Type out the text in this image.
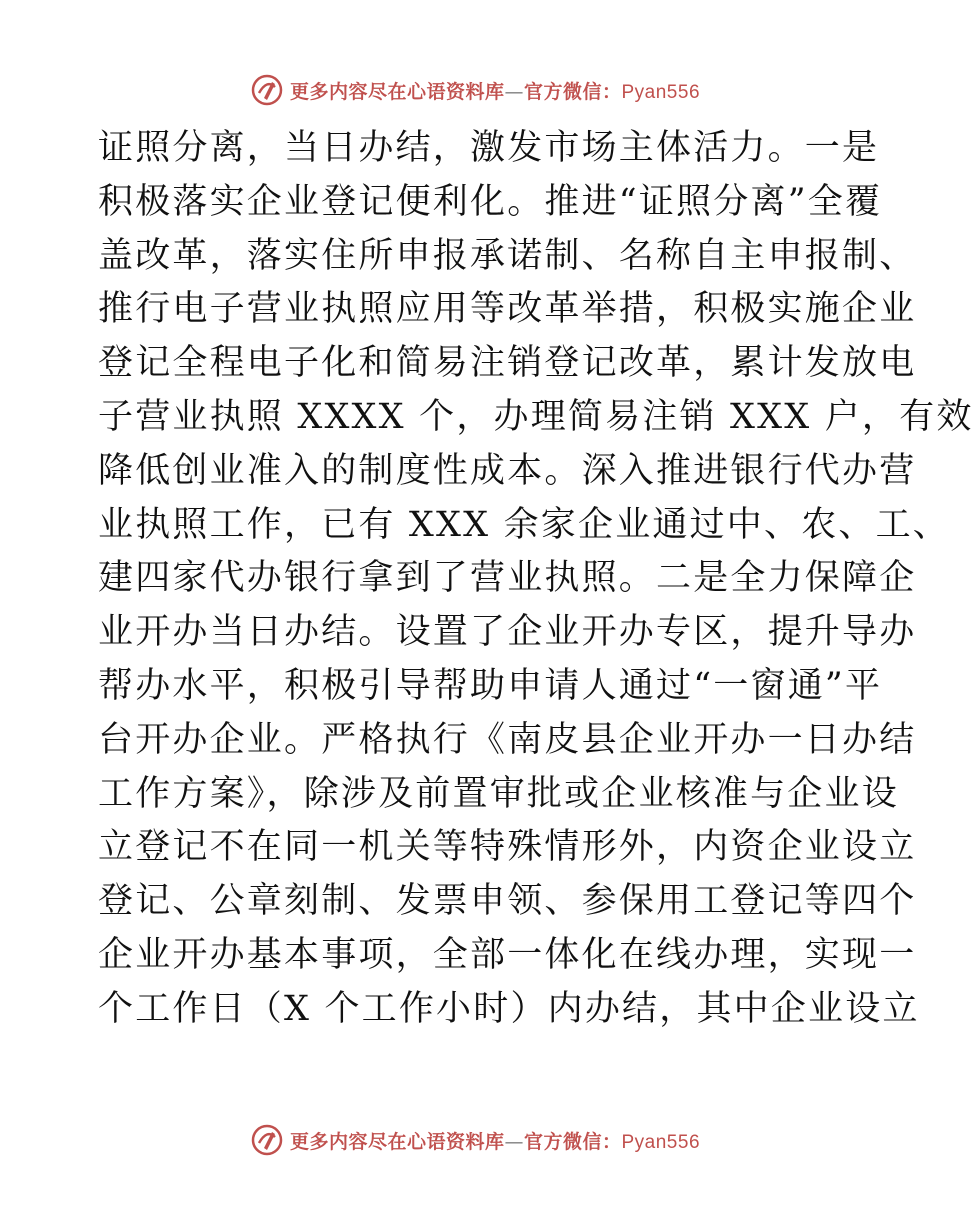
更多内容尽在心语资料库—官方微信：Pyan556
证照分离，当日办结，激发市场主体活力。一是
积极落实企业登记便利化。推进“证照分离”全覆
盖改革，落实住所申报承诺制、名称自主申报制、
推行电子营业执照应用等改革举措，积极实施企业
登记全程电子化和简易注销登记改革，累计发放电
子营业执照 XXXX 个，办理简易注销 XXX 户，有效
降低创业准入的制度性成本。深入推进银行代办营
业执照工作，已有 XXX 余家企业通过中、农、工、
建四家代办银行拿到了营业执照。二是全力保障企
业开办当日办结。设置了企业开办专区，提升导办
帮办水平，积极引导帮助申请人通过“一窗通”平
台开办企业。严格执行《南皮县企业开办一日办结
工作方案》，除涉及前置审批或企业核准与企业设
立登记不在同一机关等特殊情形外，内资企业设立
登记、公章刻制、发票申领、参保用工登记等四个
企业开办基本事项，全部一体化在线办理，实现一
个工作日（X 个工作小时）内办结，其中企业设立
更多内容尽在心语资料库—官方微信：Pyan556
